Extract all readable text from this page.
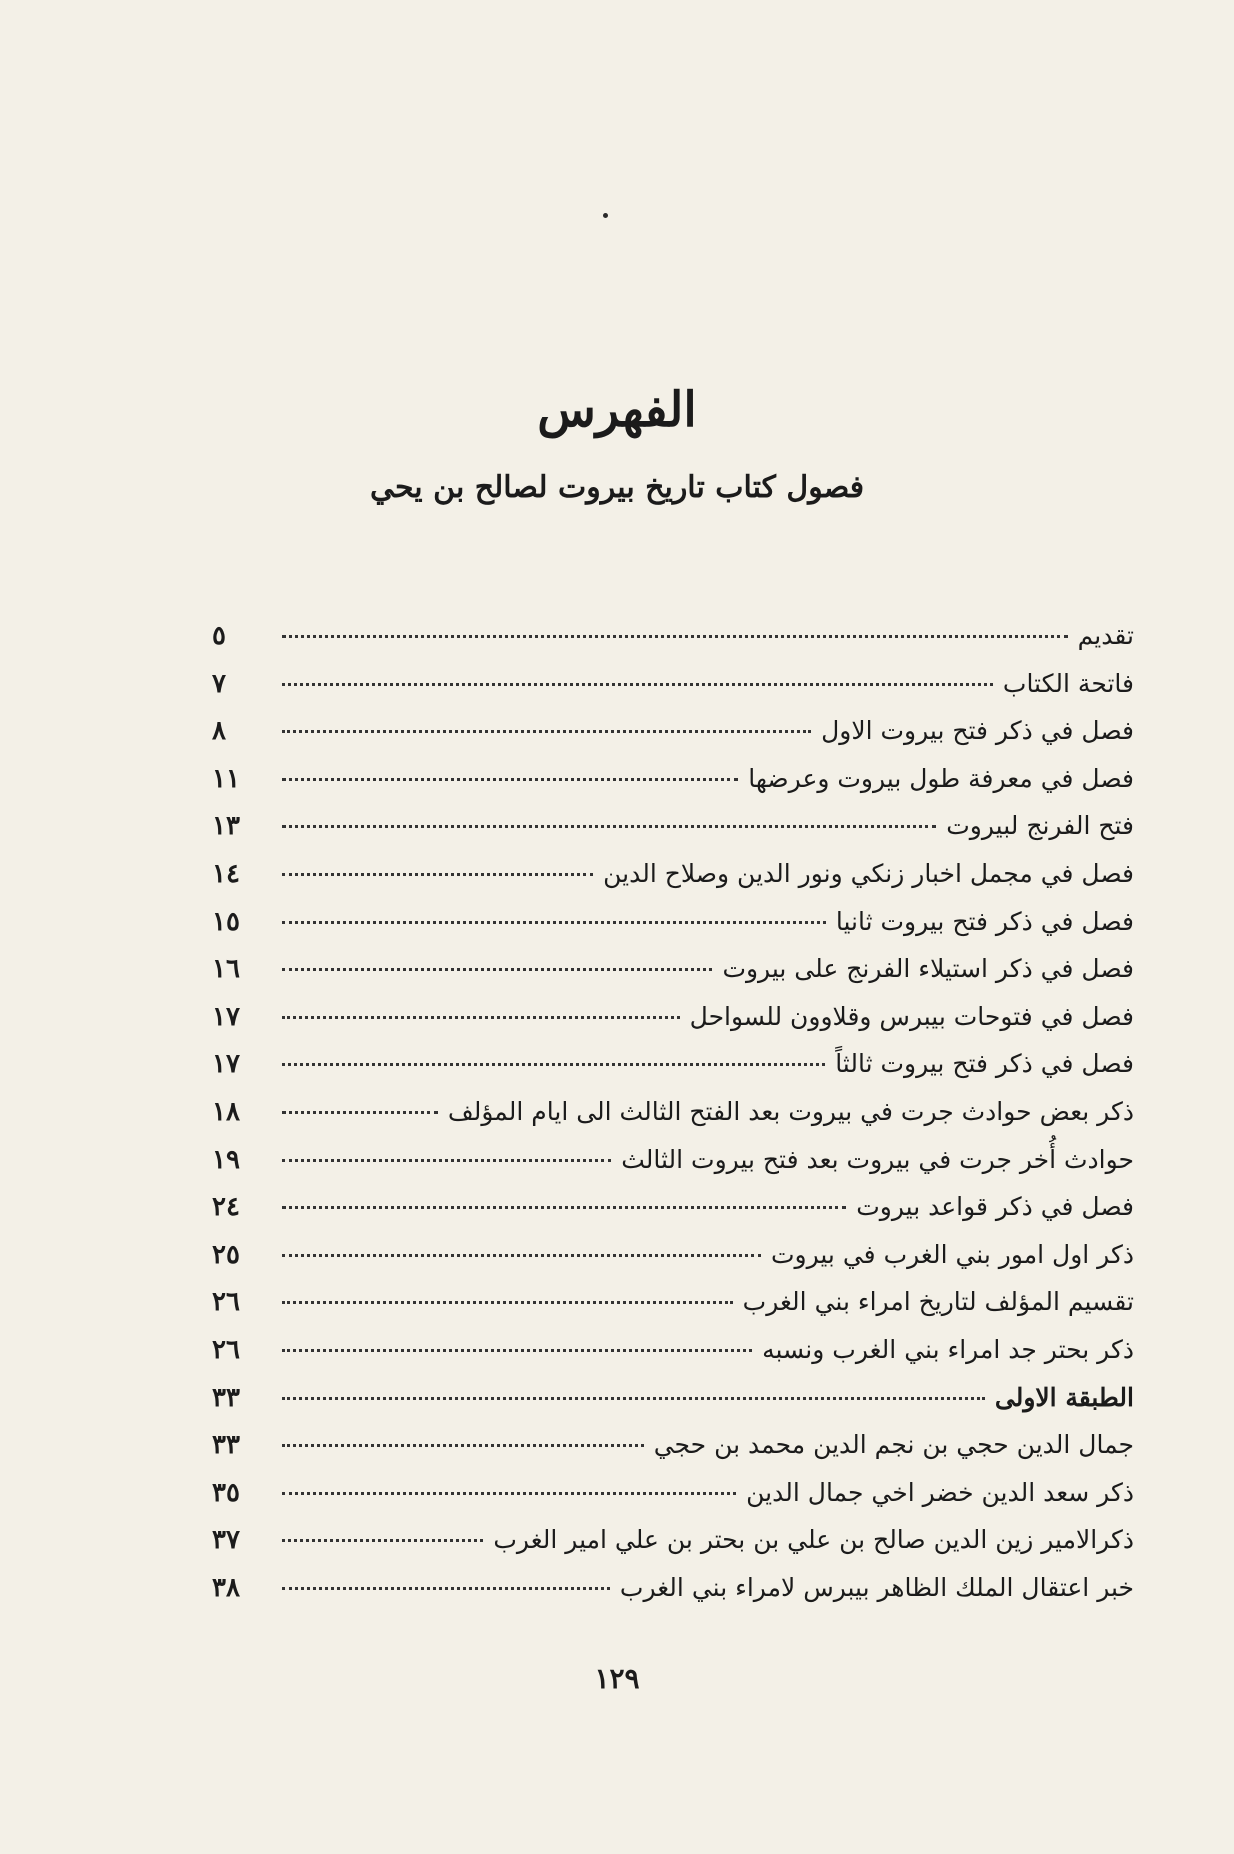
الفهرس
فصول كتاب تاريخ بيروت لصالح بن يحي
تقديم
٥
فاتحة الكتاب
٧
فصل في ذكر فتح بيروت الاول
٨
فصل في معرفة طول بيروت وعرضها
١١
فتح الفرنج لبيروت
١٣
فصل في مجمل اخبار زنكي ونور الدين وصلاح الدين
١٤
فصل في ذكر فتح بيروت ثانيا
١٥
فصل في ذكر استيلاء الفرنج على بيروت
١٦
فصل في فتوحات بيبرس وقلاوون للسواحل
١٧
فصل في ذكر فتح بيروت ثالثاً
١٧
ذكر بعض حوادث جرت في بيروت بعد الفتح الثالث الى ايام المؤلف
١٨
حوادث أُخر جرت في بيروت بعد فتح بيروت الثالث
١٩
فصل في ذكر قواعد بيروت
٢٤
ذكر اول امور بني الغرب في بيروت
٢٥
تقسيم المؤلف لتاريخ امراء بني الغرب
٢٦
ذكر بحتر جد امراء بني الغرب ونسبه
٢٦
الطبقة الاولى
٣٣
جمال الدين حجي بن نجم الدين محمد بن حجي
٣٣
ذكر سعد الدين خضر اخي جمال الدين
٣٥
ذكرالامير زين الدين صالح بن علي بن بحتر بن علي امير الغرب
٣٧
خبر اعتقال الملك الظاهر بيبرس لامراء بني الغرب
٣٨
١٢٩
